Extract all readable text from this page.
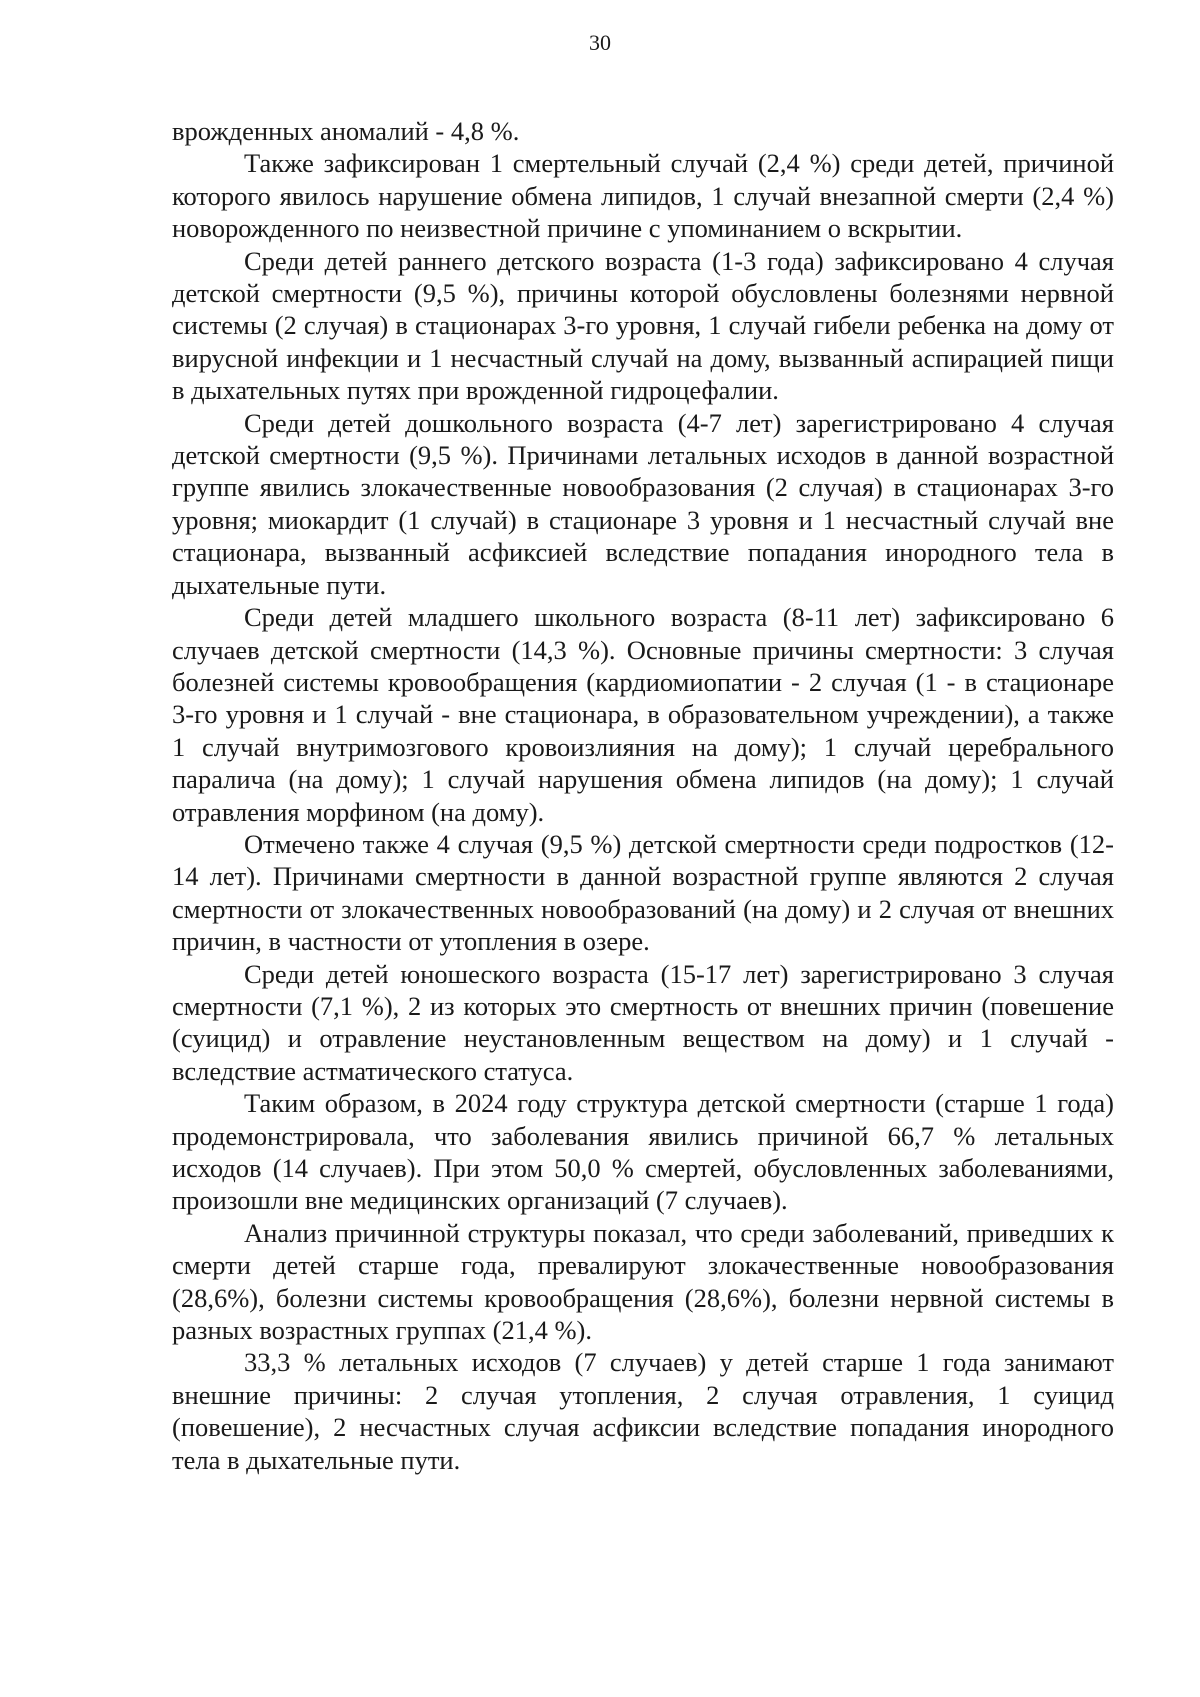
30

врожденных аномалий - 4,8 %.

Также зафиксирован 1 смертельный случай (2,4 %) среди детей, причиной которого явилось нарушение обмена липидов, 1 случай внезапной смерти (2,4 %) новорожденного по неизвестной причине с упоминанием о вскрытии.

Среди детей раннего детского возраста (1-3 года) зафиксировано 4 случая детской смертности (9,5 %), причины которой обусловлены болезнями нервной системы (2 случая) в стационарах 3-го уровня, 1 случай гибели ребенка на дому от вирусной инфекции и 1 несчастный случай на дому, вызванный аспирацией пищи в дыхательных путях при врожденной гидроцефалии.

Среди детей дошкольного возраста (4-7 лет) зарегистрировано 4 случая детской смертности (9,5 %). Причинами летальных исходов в данной возрастной группе явились злокачественные новообразования (2 случая) в стационарах 3-го уровня; миокардит (1 случай) в стационаре 3 уровня и 1 несчастный случай вне стационара, вызванный асфиксией вследствие попадания инородного тела в дыхательные пути.

Среди детей младшего школьного возраста (8-11 лет) зафиксировано 6 случаев детской смертности (14,3 %). Основные причины смертности: 3 случая болезней системы кровообращения (кардиомиопатии - 2 случая (1 - в стационаре 3-го уровня и 1 случай - вне стационара, в образовательном учреждении), а также 1 случай внутримозгового кровоизлияния на дому); 1 случай церебрального паралича (на дому); 1 случай нарушения обмена липидов (на дому); 1 случай отравления морфином (на дому).

Отмечено также 4 случая (9,5 %) детской смертности среди подростков (12-14 лет). Причинами смертности в данной возрастной группе являются 2 случая смертности от злокачественных новообразований (на дому) и 2 случая от внешних причин, в частности от утопления в озере.

Среди детей юношеского возраста (15-17 лет) зарегистрировано 3 случая смертности (7,1 %), 2 из которых это смертность от внешних причин (повешение (суицид) и отравление неустановленным веществом на дому) и 1 случай - вследствие астматического статуса.

Таким образом, в 2024 году структура детской смертности (старше 1 года) продемонстрировала, что заболевания явились причиной 66,7 % летальных исходов (14 случаев). При этом 50,0 % смертей, обусловленных заболеваниями, произошли вне медицинских организаций (7 случаев).

Анализ причинной структуры показал, что среди заболеваний, приведших к смерти детей старше года, превалируют злокачественные новообразования (28,6%), болезни системы кровообращения (28,6%), болезни нервной системы в разных возрастных группах (21,4 %).

33,3 % летальных исходов (7 случаев) у детей старше 1 года занимают внешние причины: 2 случая утопления, 2 случая отравления, 1 суицид (повешение), 2 несчастных случая асфиксии вследствие попадания инородного тела в дыхательные пути.
